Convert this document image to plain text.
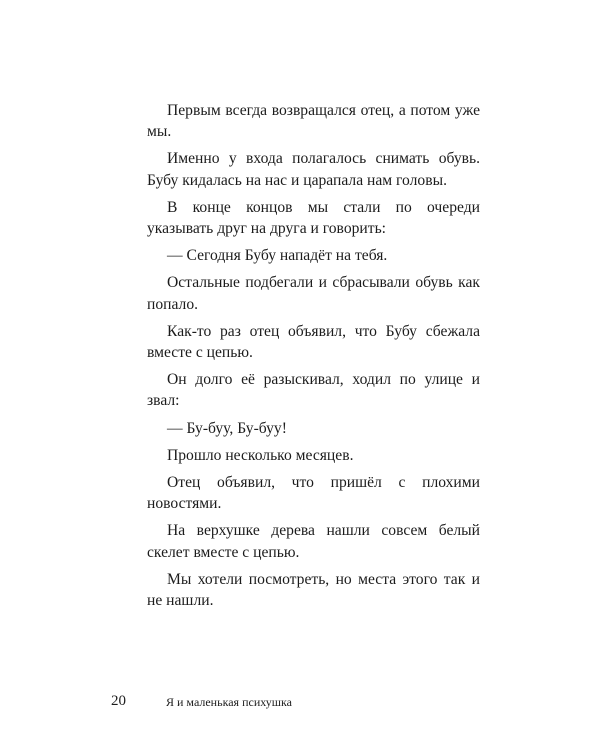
Первым всегда возвращался отец, а потом уже мы.

Именно у входа полагалось снимать обувь. Бубу кидалась на нас и царапала нам головы.

В конце концов мы стали по очереди указывать друг на друга и говорить:

— Сегодня Бубу нападёт на тебя.

Остальные подбегали и сбрасывали обувь как попало.

Как-то раз отец объявил, что Бубу сбежала вместе с цепью.

Он долго её разыскивал, ходил по улице и звал:

— Бу-буу, Бу-буу!

Прошло несколько месяцев.

Отец объявил, что пришёл с плохими новостями.

На верхушке дерева нашли совсем белый скелет вместе с цепью.

Мы хотели посмотреть, но места этого так и не нашли.

20	Я и маленькая психушка
